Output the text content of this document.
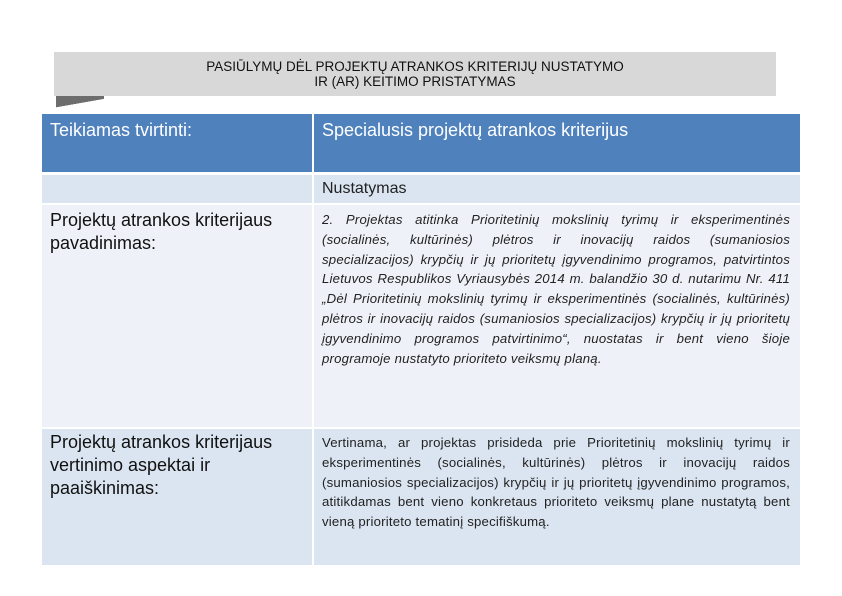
PASIŪLYMŲ DĖL PROJEKTŲ ATRANKOS KRITERIJŲ NUSTATYMO
IR (AR) KEITIMO PRISTATYMAS
Teikiamas tvirtinti:	Specialusis projektų atrankos kriterijus
Nustatymas
Projektų atrankos kriterijaus pavadinimas:
2. Projektas atitinka Prioritetinių mokslinių tyrimų ir eksperimentinės (socialinės, kultūrinės) plėtros ir inovacijų raidos (sumaniosios specializacijos) krypčių ir jų prioritetų įgyvendinimo programos, patvirtintos Lietuvos Respublikos Vyriausybės 2014 m. balandžio 30 d. nutarimu Nr. 411 „Dėl Prioritetinių mokslinių tyrimų ir eksperimentinės (socialinės, kultūrinės) plėtros ir inovacijų raidos (sumaniosios specializacijos) krypčių ir jų prioritetų įgyvendinimo programos patvirtinimo“, nuostatas ir bent vieno šioje programoje nustatyto prioriteto veiksmų planą.
Projektų atrankos kriterijaus vertinimo aspektai ir paaiškinimas:
Vertinama, ar projektas prisideda prie Prioritetinių mokslinių tyrimų ir eksperimentinės (socialinės, kultūrinės) plėtros ir inovacijų raidos (sumaniosios specializacijos) krypčių ir jų prioritetų įgyvendinimo programos, atitikdamas bent vieno konkretaus prioriteto veiksmų plane nustatytą bent vieną prioriteto tematinį specifiškumą.
